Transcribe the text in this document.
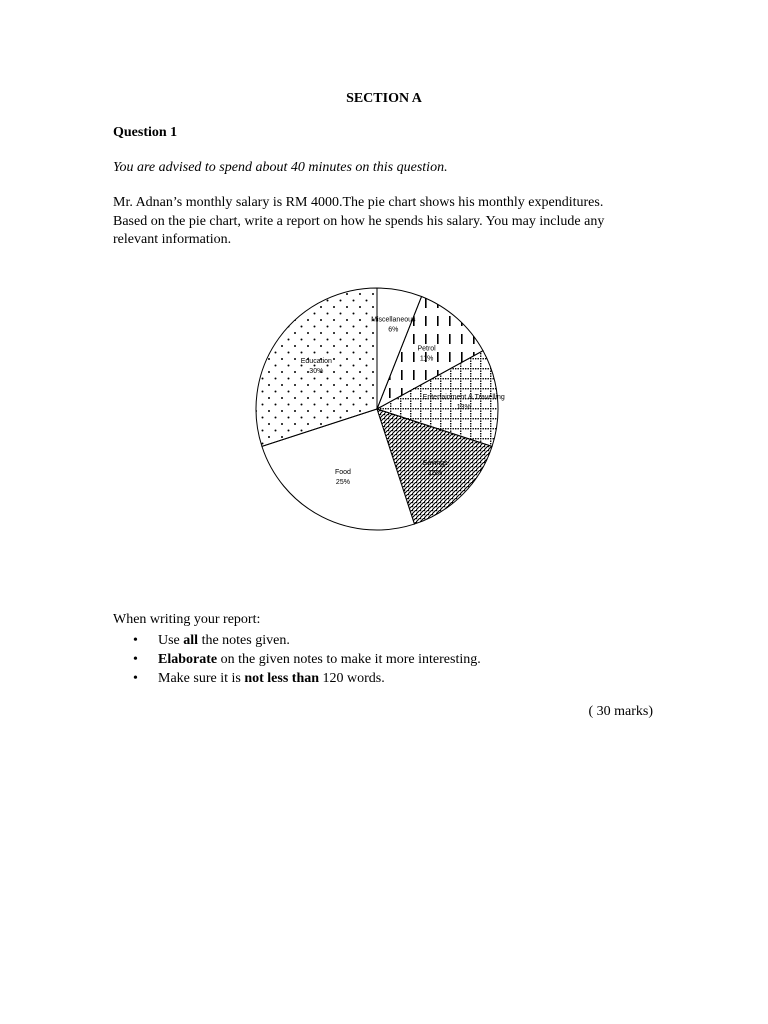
SECTION A
Question 1
You are advised to spend about 40 minutes on this question.
Mr. Adnan’s monthly salary is RM 4000.The pie chart shows his monthly expenditures.
Based on the pie chart, write a report on how he spends his salary. You may include any
relevant information.
Miscellaneous
6%
Petrol
11%
Entertainment & Travelling
13%
Savings
15%
Food
25%
Education
30%
When writing your report:
• Use all the notes given.
• Elaborate on the given notes to make it more interesting.
• Make sure it is not less than 120 words.
( 30 marks)
